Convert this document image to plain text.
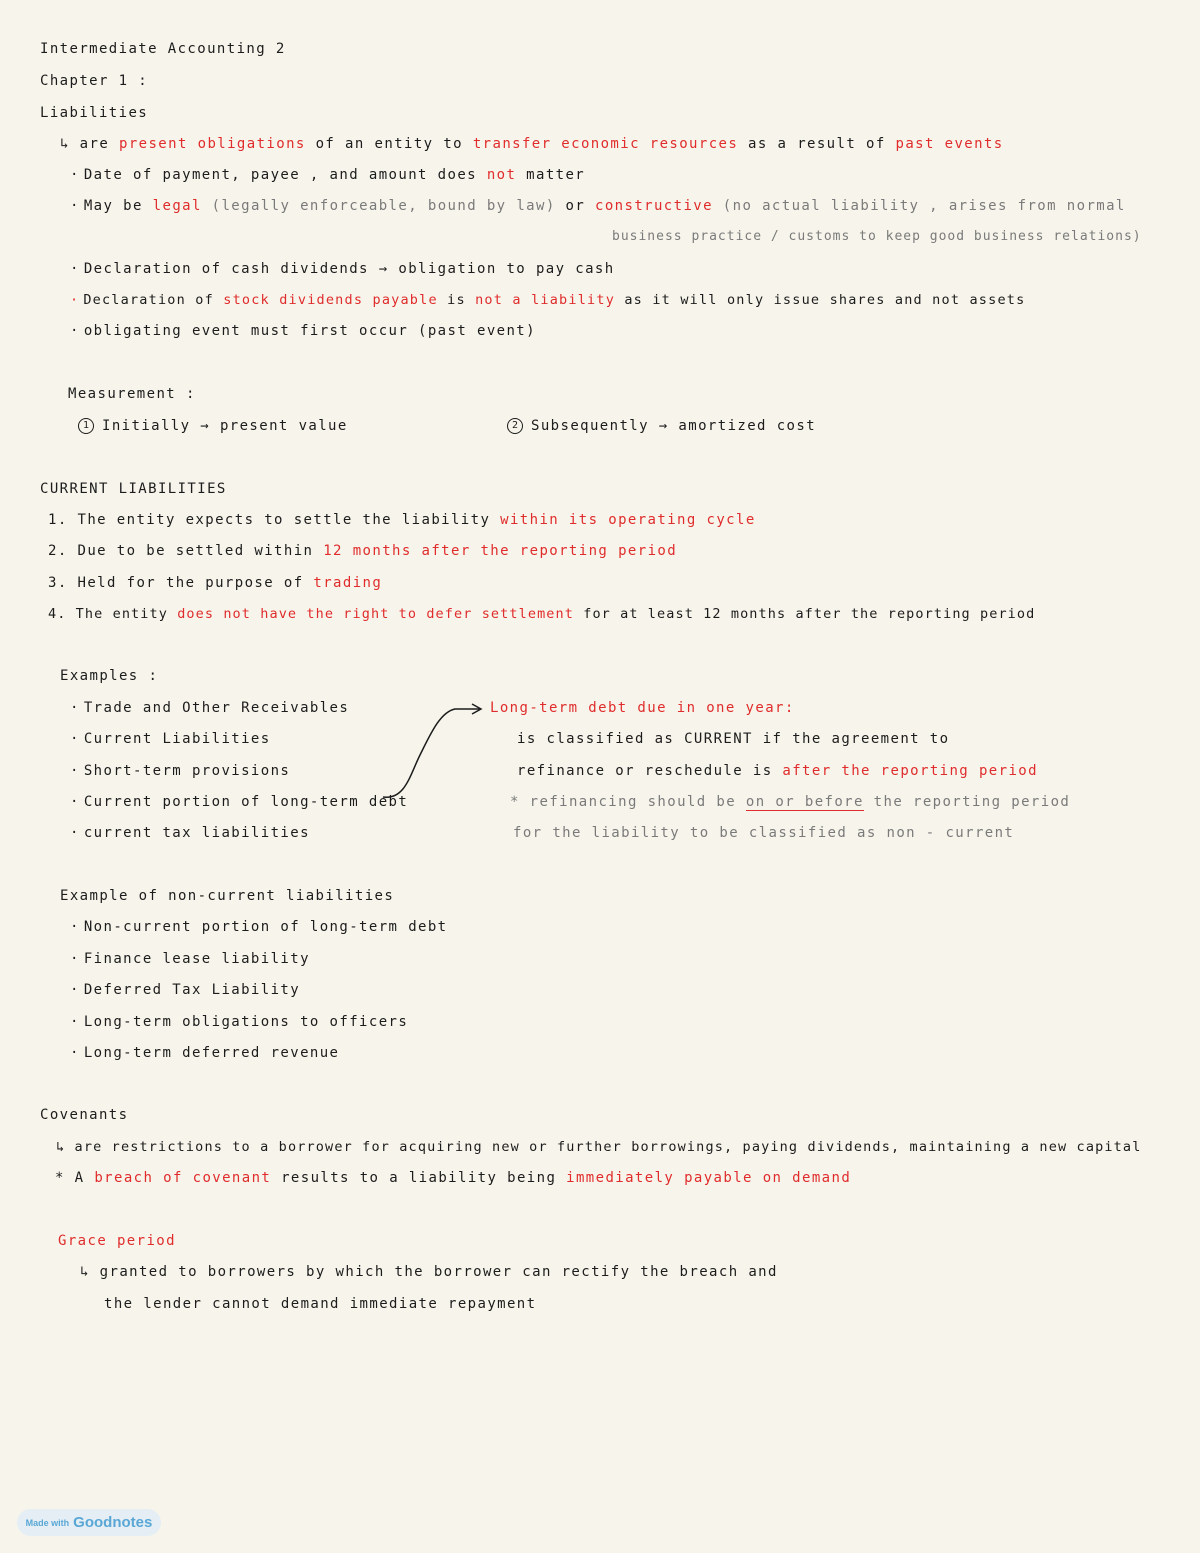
Intermediate Accounting 2
Chapter 1 :
Liabilities
↳ are present obligations of an entity to transfer economic resources as a result of past events
· Date of payment, payee , and amount does not matter
· May be legal (legally enforceable, bound by law) or constructive (no actual liability , arises from normal
business practice / customs to keep good business relations)
· Declaration of cash dividends → obligation to pay cash
· Declaration of stock dividends payable is not a liability as it will only issue shares and not assets
· obligating event must first occur (past event)
Measurement :
1 Initially → present value	2 Subsequently → amortized cost
CURRENT LIABILITIES
1. The entity expects to settle the liability within its operating cycle
2. Due to be settled within 12 months after the reporting period
3. Held for the purpose of trading
4. The entity does not have the right to defer settlement for at least 12 months after the reporting period
Examples :
· Trade and Other Receivables
· Current Liabilities
· Short-term provisions
· Current portion of long-term debt
· current tax liabilities
Long-term debt due in one year:
is classified as CURRENT if the agreement to
refinance or reschedule is after the reporting period
* refinancing should be on or before the reporting period
for the liability to be classified as non - current
Example of non-current liabilities
· Non-current portion of long-term debt
· Finance lease liability
· Deferred Tax Liability
· Long-term obligations to officers
· Long-term deferred revenue
Covenants
↳ are restrictions to a borrower for acquiring new or further borrowings, paying dividends, maintaining a new capital
* A breach of covenant results to a liability being immediately payable on demand
Grace period
↳ granted to borrowers by which the borrower can rectify the breach and
the lender cannot demand immediate repayment
Made with Goodnotes
